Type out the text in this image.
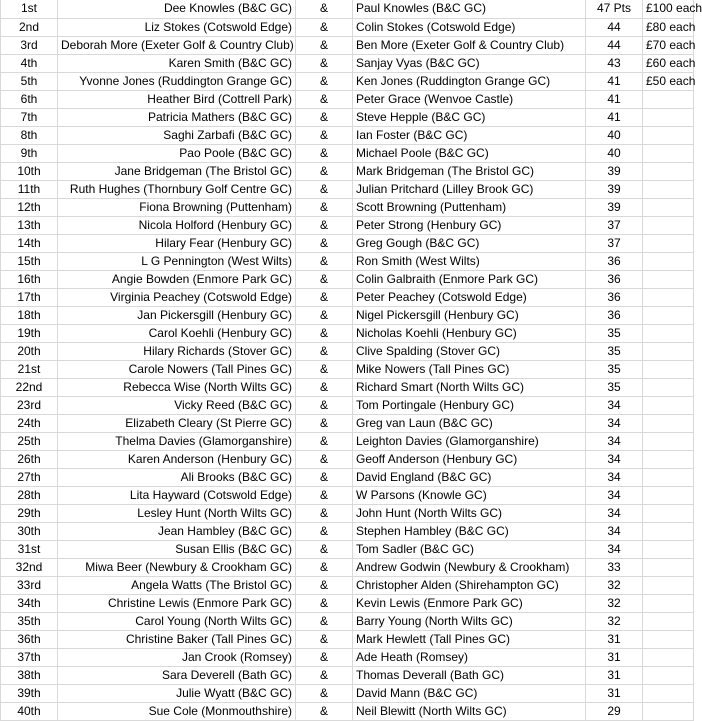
1st	Dee Knowles (B&C GC)	&	Paul Knowles (B&C GC)	47 Pts	£100 each
2nd	Liz Stokes (Cotswold Edge)	&	Colin Stokes (Cotswold Edge)	44	£80 each
3rd	Deborah More (Exeter Golf & Country Club)	&	Ben More (Exeter Golf & Country Club)	44	£70 each
4th	Karen Smith (B&C GC)	&	Sanjay Vyas (B&C GC)	43	£60 each
5th	Yvonne Jones (Ruddington Grange GC)	&	Ken Jones (Ruddington Grange GC)	41	£50 each
6th	Heather Bird (Cottrell Park)	&	Peter Grace (Wenvoe Castle)	41	
7th	Patricia Mathers (B&C GC)	&	Steve Hepple (B&C GC)	41	
8th	Saghi Zarbafi (B&C GC)	&	Ian Foster (B&C GC)	40	
9th	Pao Poole (B&C GC)	&	Michael Poole (B&C GC)	40	
10th	Jane Bridgeman (The Bristol GC)	&	Mark Bridgeman (The Bristol GC)	39	
11th	Ruth Hughes (Thornbury Golf Centre GC)	&	Julian Pritchard (Lilley Brook GC)	39	
12th	Fiona Browning (Puttenham)	&	Scott Browning (Puttenham)	39	
13th	Nicola Holford (Henbury GC)	&	Peter Strong (Henbury GC)	37	
14th	Hilary Fear (Henbury GC)	&	Greg Gough (B&C GC)	37	
15th	L G Pennington (West Wilts)	&	Ron Smith (West Wilts)	36	
16th	Angie Bowden (Enmore Park GC)	&	Colin Galbraith (Enmore Park GC)	36	
17th	Virginia Peachey (Cotswold Edge)	&	Peter Peachey (Cotswold Edge)	36	
18th	Jan Pickersgill (Henbury GC)	&	Nigel Pickersgill (Henbury GC)	36	
19th	Carol Koehli (Henbury GC)	&	Nicholas Koehli (Henbury GC)	35	
20th	Hilary Richards (Stover GC)	&	Clive Spalding (Stover GC)	35	
21st	Carole Nowers (Tall Pines GC)	&	Mike Nowers (Tall Pines GC)	35	
22nd	Rebecca Wise (North Wilts GC)	&	Richard Smart (North Wilts GC)	35	
23rd	Vicky Reed (B&C GC)	&	Tom Portingale (Henbury GC)	34	
24th	Elizabeth Cleary (St Pierre GC)	&	Greg van Laun (B&C GC)	34	
25th	Thelma Davies (Glamorganshire)	&	Leighton Davies (Glamorganshire)	34	
26th	Karen Anderson (Henbury GC)	&	Geoff Anderson (Henbury GC)	34	
27th	Ali Brooks (B&C GC)	&	David England (B&C GC)	34	
28th	Lita Hayward (Cotswold Edge)	&	W Parsons (Knowle GC)	34	
29th	Lesley Hunt (North Wilts GC)	&	John Hunt (North Wilts GC)	34	
30th	Jean Hambley (B&C GC)	&	Stephen Hambley (B&C GC)	34	
31st	Susan Ellis (B&C GC)	&	Tom Sadler (B&C GC)	34	
32nd	Miwa Beer (Newbury & Crookham GC)	&	Andrew Godwin (Newbury & Crookham)	33	
33rd	Angela Watts (The Bristol GC)	&	Christopher Alden (Shirehampton GC)	32	
34th	Christine Lewis (Enmore Park GC)	&	Kevin Lewis (Enmore Park GC)	32	
35th	Carol Young (North Wilts GC)	&	Barry Young (North Wilts GC)	32	
36th	Christine Baker (Tall Pines GC)	&	Mark Hewlett (Tall Pines GC)	31	
37th	Jan Crook (Romsey)	&	Ade Heath (Romsey)	31	
38th	Sara Deverell (Bath GC)	&	Thomas Deverall (Bath GC)	31	
39th	Julie Wyatt (B&C GC)	&	David Mann (B&C GC)	31	
40th	Sue Cole (Monmouthshire)	&	Neil Blewitt (North Wilts GC)	29	
